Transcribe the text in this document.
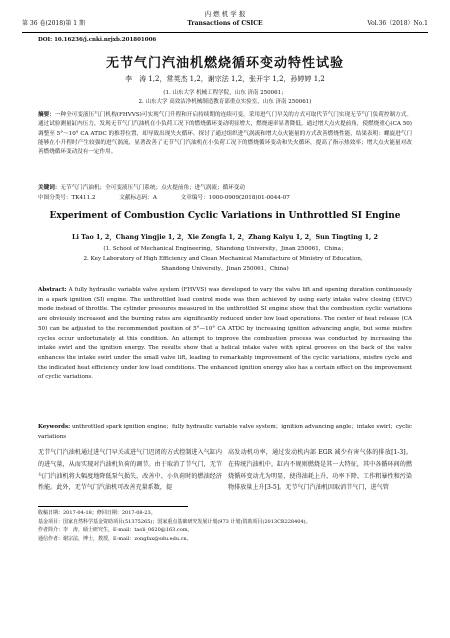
第 36 卷(2018)第 1 期
内 燃 机 学 报
Transactions of CSICE	Vol.36（2018）No.1
DOI: 10.16236/j.cnki.nrjxb.201801006
无节气门汽油机燃烧循环变动特性试验
李　涛 1,2，常英杰 1,2，谢宗法 1,2，张开宇 1,2，孙婷婷 1,2
(1. 山东大学 机械工程学院，山东 济南 250061；
2. 山东大学 高效洁净机械制造教育部重点实验室，山东 济南 250061)
摘要：一种全可变液压气门机构(FHVVS)可实现气门升程和开启持续期的连续可变。采用进气门早关的方式可取代节气门实现无节气门负荷控制方式。通过试验测量缸内压力，发现无节气门汽油机在小负荷工况下的燃烧循环变动明显增大，燃烧速率显著降低。通过增大点火提前角，使燃烧重心(CA 50)调整至 5°～10° CA ATDC 的推荐位置，却导致出现失火循环。探讨了通过组织进气涡流和增大点火能量的方式改善燃烧性能，结果表明：螺旋进气门能够在小升程时产生较强的进气涡流，显著改善了无节气门汽油机在小负荷工况下的燃烧循环变动和失火循环，提高了指示热效率；增大点火能量对改善燃烧循环变动没有一定作用。
关键词：无节气门汽油机；全可变液压气门系统；点火提前角；进气涡流；循环变动
中图分类号：TK411.2	文献标志码：A	文章编号：1000-0909(2018)01-0044-07
Experiment of Combustion Cyclic Variations in Unthrottled SI Engine
Li Tao 1, 2，Chang Yingjie 1, 2，Xie Zongfa 1, 2，Zhang Kaiyu 1, 2，Sun Tingting 1, 2
(1. School of Mechanical Engineering，Shandong University，Jinan 250061，China；
2. Key Laboratory of High Efficiency and Clean Mechanical Manufacture of Ministry of Education，
Shandong University，Jinan 250061，China)
Abstract: A fully hydraulic variable valve system (FHVVS) was developed to vary the valve lift and opening duration continuously in a spark ignition (SI) engine. The unthrottled load control mode was then achieved by using early intake valve closing (EIVC) mode instead of throttle. The cylinder pressures measured in the unthrottled SI engine show that the combustion cyclic variations are obviously increased and the burning rates are significantly reduced under low load operations. The center of heat release (CA 50) can be adjusted to the recommended position of 5°—10° CA ATDC by increasing ignition advancing angle, but some misfire cycles occur unfortunately at this condition. An attempt to improve the combustion process was conducted by increasing the intake swirl and the ignition energy. The results show that a helical intake valve with spiral grooves on the back of the valve enhances the intake swirl under the small valve lift, leading to remarkably improvement of the cyclic variations, misfire cycle and the indicated heat efficiency under low load conditions. The enhanced ignition energy also has a certain effect on the improvement of cyclic variations.
Keywords: unthrottled spark ignition engine；fully hydraulic variable valve system；ignition advancing angle；intake swirl；cyclic variations
无节气门汽油机通过进气门早关或进气门迟闭的方式控制进入气缸内的进气量，从而实现对汽油机负荷的调节。由于取消了节气门，无节气门汽油机将大幅度地降低泵气损失，改善中、小负荷时的燃油经济性能。此外，无节气门汽油机可改善充量系数，提
高发动机功率，通过发动机内部 EGR 减少有害气体的排放[1-3]。在传统汽油机中，缸内不规则燃烧是其一大特征，其中各循环间的燃烧循环变动尤为明显，使得油耗上升、功率下降、工作粗暴性和污染物排放量上升[3-5]。无节气门汽油机因取消节气门，进气管
收稿日期：2017-04-18；修回日期：2017-08-23。
基金项目：国家自然科学基金资助项目(51375265)；国家重点基础研究发展计划(973 计划)资助项目(2013CB228404)。
作者简介：李　涛，硕士研究生，E-mail：taoli_0620@163.com。
通信作者：谢宗法，博士，教授，E-mail：zongfax@sdu.edu.cn。
